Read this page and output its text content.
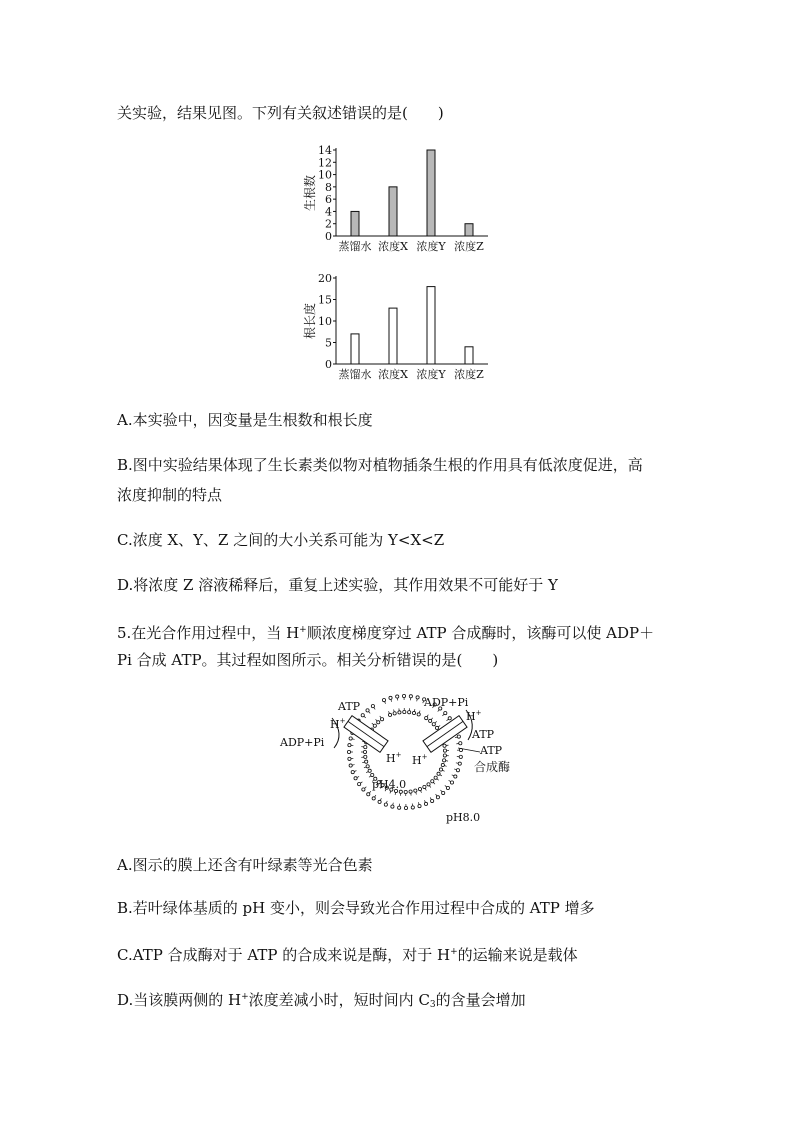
关实验，结果见图。下列有关叙述错误的是(　　)
0
2
4
6
8
10
12
14
生根数
蒸馏水 浓度X 浓度Y 浓度Z
0
5
10
15
20
根长度
蒸馏水 浓度X 浓度Y 浓度Z
A.本实验中，因变量是生根数和根长度
B.图中实验结果体现了生长素类似物对植物插条生根的作用具有低浓度促进，高
浓度抑制的特点
C.浓度 X、Y、Z 之间的大小关系可能为 Y<X<Z
D.将浓度 Z 溶液稀释后，重复上述实验，其作用效果不可能好于 Y
5.在光合作用过程中，当 H+顺浓度梯度穿过 ATP 合成酶时，该酶可以使 ADP＋
Pi 合成 ATP。其过程如图所示。相关分析错误的是(　　)
ATP
H+
ADP+Pi
H+
ADP+Pi
H+
ATP
H+	ATP
合成酶
pH4.0
pH8.0
A.图示的膜上还含有叶绿素等光合色素
B.若叶绿体基质的 pH 变小，则会导致光合作用过程中合成的 ATP 增多
C.ATP 合成酶对于 ATP 的合成来说是酶，对于 H+的运输来说是载体
D.当该膜两侧的 H+浓度差减小时，短时间内 $C_3$的含量会增加
